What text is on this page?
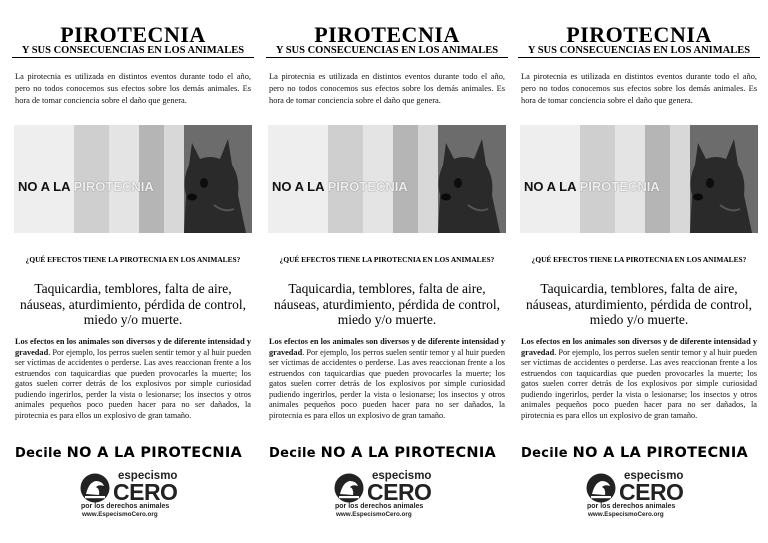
PIROTECNIA
Y SUS CONSECUENCIAS EN LOS ANIMALES
La pirotecnia es utilizada en distintos eventos durante todo el año, pero no todos conocemos sus efectos sobre los demás animales. Es hora de tomar conciencia sobre el daño que genera.
NO A LA PIROTECNIA
¿QUÉ EFECTOS TIENE LA PIROTECNIA EN LOS ANIMALES?
Taquicardia, temblores, falta de aire, náuseas, aturdimiento, pérdida de control, miedo y/o muerte.
Los efectos en los animales son diversos y de diferente intensidad y gravedad. Por ejemplo, los perros suelen sentir temor y al huir pueden ser víctimas de accidentes o perderse. Las aves reaccionan frente a los estruendos con taquicardias que pueden provocarles la muerte; los gatos suelen correr detrás de los explosivos por simple curiosidad pudiendo ingerirlos, perder la vista o lesionarse; los insectos y otros animales pequeños poco pueden hacer para no ser dañados, la pirotecnia es para ellos un explosivo de gran tamaño.
Decile NO A LA PIROTECNIA
especismo
CERO
por los derechos animales
www.EspecismoCero.org
PIROTECNIA
Y SUS CONSECUENCIAS EN LOS ANIMALES
La pirotecnia es utilizada en distintos eventos durante todo el año, pero no todos conocemos sus efectos sobre los demás animales. Es hora de tomar conciencia sobre el daño que genera.
NO A LA PIROTECNIA
¿QUÉ EFECTOS TIENE LA PIROTECNIA EN LOS ANIMALES?
Taquicardia, temblores, falta de aire, náuseas, aturdimiento, pérdida de control, miedo y/o muerte.
Los efectos en los animales son diversos y de diferente intensidad y gravedad. Por ejemplo, los perros suelen sentir temor y al huir pueden ser víctimas de accidentes o perderse. Las aves reaccionan frente a los estruendos con taquicardias que pueden provocarles la muerte; los gatos suelen correr detrás de los explosivos por simple curiosidad pudiendo ingerirlos, perder la vista o lesionarse; los insectos y otros animales pequeños poco pueden hacer para no ser dañados, la pirotecnia es para ellos un explosivo de gran tamaño.
Decile NO A LA PIROTECNIA
especismo
CERO
por los derechos animales
www.EspecismoCero.org
PIROTECNIA
Y SUS CONSECUENCIAS EN LOS ANIMALES
La pirotecnia es utilizada en distintos eventos durante todo el año, pero no todos conocemos sus efectos sobre los demás animales. Es hora de tomar conciencia sobre el daño que genera.
NO A LA PIROTECNIA
¿QUÉ EFECTOS TIENE LA PIROTECNIA EN LOS ANIMALES?
Taquicardia, temblores, falta de aire, náuseas, aturdimiento, pérdida de control, miedo y/o muerte.
Los efectos en los animales son diversos y de diferente intensidad y gravedad. Por ejemplo, los perros suelen sentir temor y al huir pueden ser víctimas de accidentes o perderse. Las aves reaccionan frente a los estruendos con taquicardias que pueden provocarles la muerte; los gatos suelen correr detrás de los explosivos por simple curiosidad pudiendo ingerirlos, perder la vista o lesionarse; los insectos y otros animales pequeños poco pueden hacer para no ser dañados, la pirotecnia es para ellos un explosivo de gran tamaño.
Decile NO A LA PIROTECNIA
especismo
CERO
por los derechos animales
www.EspecismoCero.org
